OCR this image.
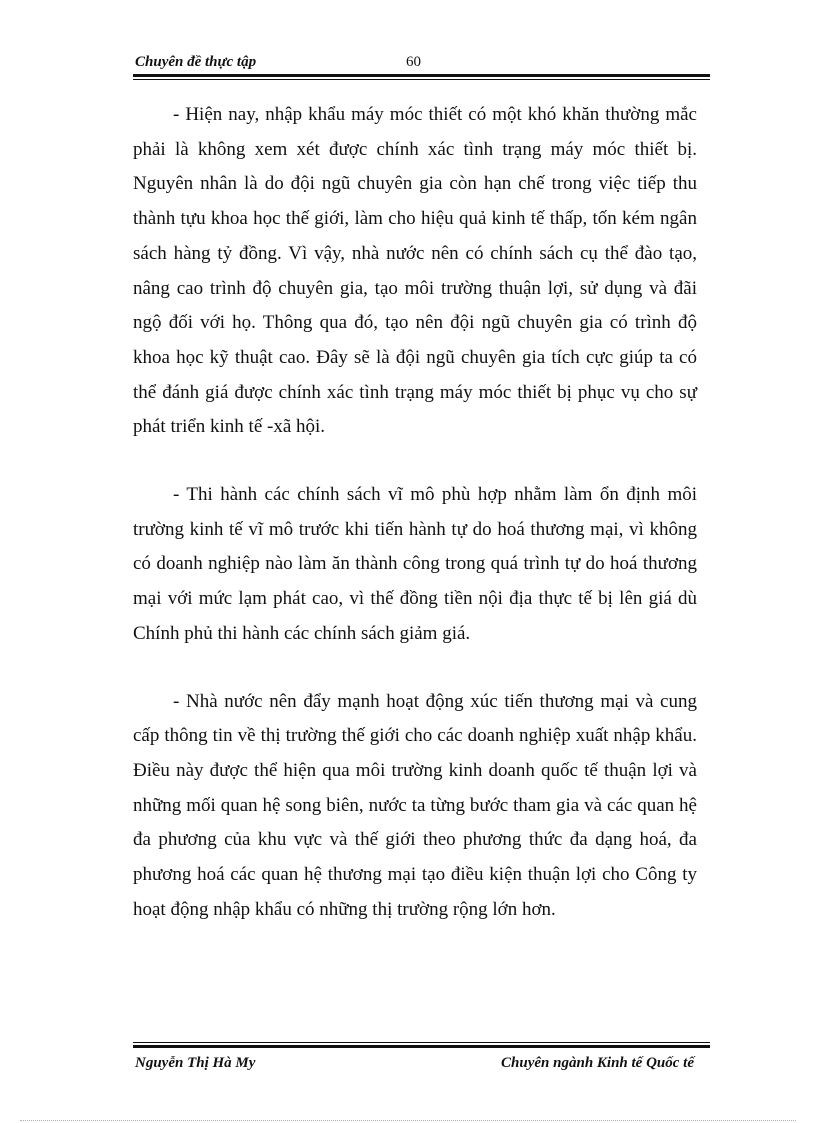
Chuyên đề thực tập	60

- Hiện nay, nhập khẩu máy móc thiết có một khó khăn thường mắc phải là không xem xét được chính xác tình trạng máy móc thiết bị. Nguyên nhân là do đội ngũ chuyên gia còn hạn chế trong việc tiếp thu thành tựu khoa học thế giới, làm cho hiệu quả kinh tế thấp, tốn kém ngân sách hàng tỷ đồng. Vì vậy, nhà nước nên có chính sách cụ thể đào tạo, nâng cao trình độ chuyên gia, tạo môi trường thuận lợi, sử dụng và đãi ngộ đối với họ. Thông qua đó, tạo nên đội ngũ chuyên gia có trình độ khoa học kỹ thuật cao. Đây sẽ là đội ngũ chuyên gia tích cực giúp ta có thể đánh giá được chính xác tình trạng máy móc thiết bị phục vụ cho sự phát triển kinh tế -xã hội.

- Thi hành các chính sách vĩ mô phù hợp nhằm làm ổn định môi trường kinh tế vĩ mô trước khi tiến hành tự do hoá thương mại, vì không có doanh nghiệp nào làm ăn thành công trong quá trình tự do hoá thương mại với mức lạm phát cao, vì thế đồng tiền nội địa thực tế bị lên giá dù Chính phủ thi hành các chính sách giảm giá.

- Nhà nước nên đẩy mạnh hoạt động xúc tiến thương mại và cung cấp thông tin về thị trường thế giới cho các doanh nghiệp xuất nhập khẩu. Điều này được thể hiện qua môi trường kinh doanh quốc tế thuận lợi và những mối quan hệ song biên, nước ta từng bước tham gia và các quan hệ đa phương của khu vực và thế giới theo phương thức đa dạng hoá, đa phương hoá các quan hệ thương mại tạo điều kiện thuận lợi cho Công ty hoạt động nhập khẩu có những thị trường rộng lớn hơn.

Nguyễn Thị Hà My	Chuyên ngành Kinh tế Quốc tế
